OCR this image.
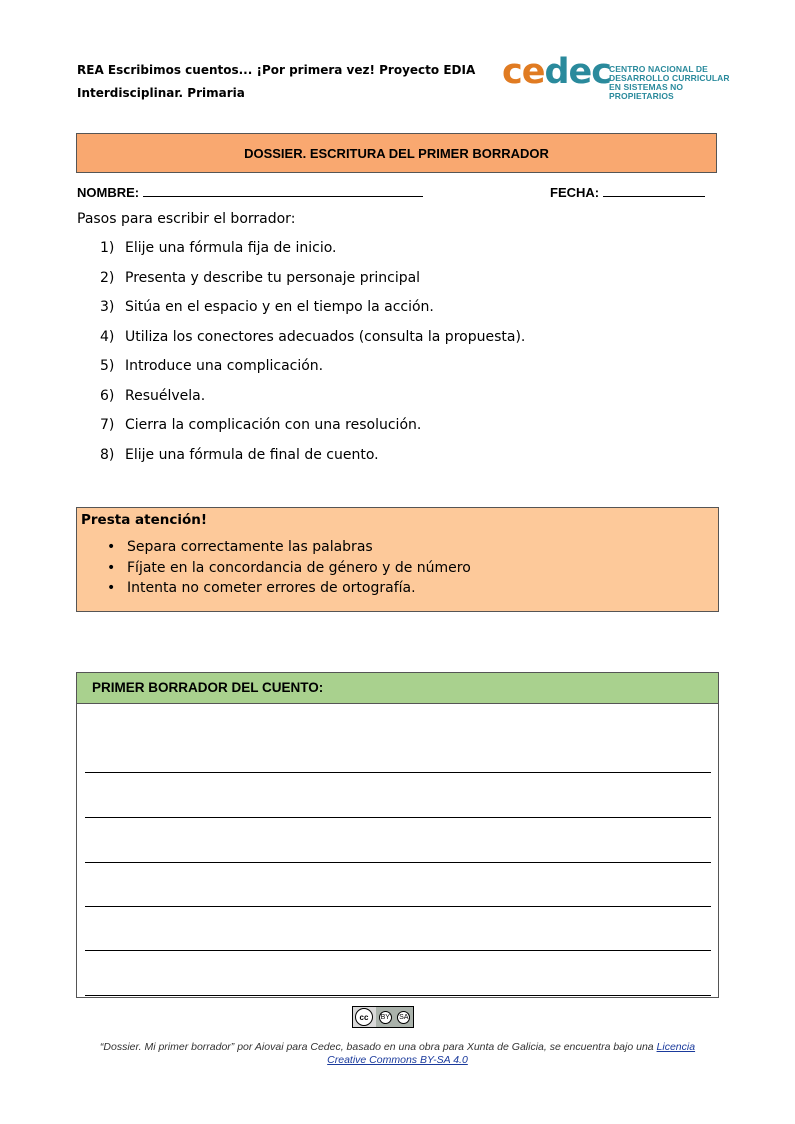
REA Escribimos cuentos... ¡Por primera vez! Proyecto EDIA
Interdisciplinar. Primaria
cedec
CENTRO NACIONAL DE
DESARROLLO CURRICULAR
EN SISTEMAS NO PROPIETARIOS
DOSSIER. ESCRITURA DEL PRIMER BORRADOR
NOMBRE:	FECHA:
Pasos para escribir el borrador:
1) Elije una fórmula fija de inicio.
2) Presenta y describe tu personaje principal
3) Sitúa en el espacio y en el tiempo la acción.
4) Utiliza los conectores adecuados (consulta la propuesta).
5) Introduce una complicación.
6) Resuélvela.
7) Cierra la complicación con una resolución.
8) Elije una fórmula de final de cuento.
Presta atención!
• Separa correctamente las palabras
• Fíjate en la concordancia de género y de número
• Intenta no cometer errores de ortografía.
PRIMER BORRADOR DEL CUENTO:
cc	BY SA
“Dossier. Mi primer borrador” por Aiovai para Cedec, basado en una obra para Xunta de Galicia, se encuentra bajo una Licencia Creative Commons BY-SA 4.0
